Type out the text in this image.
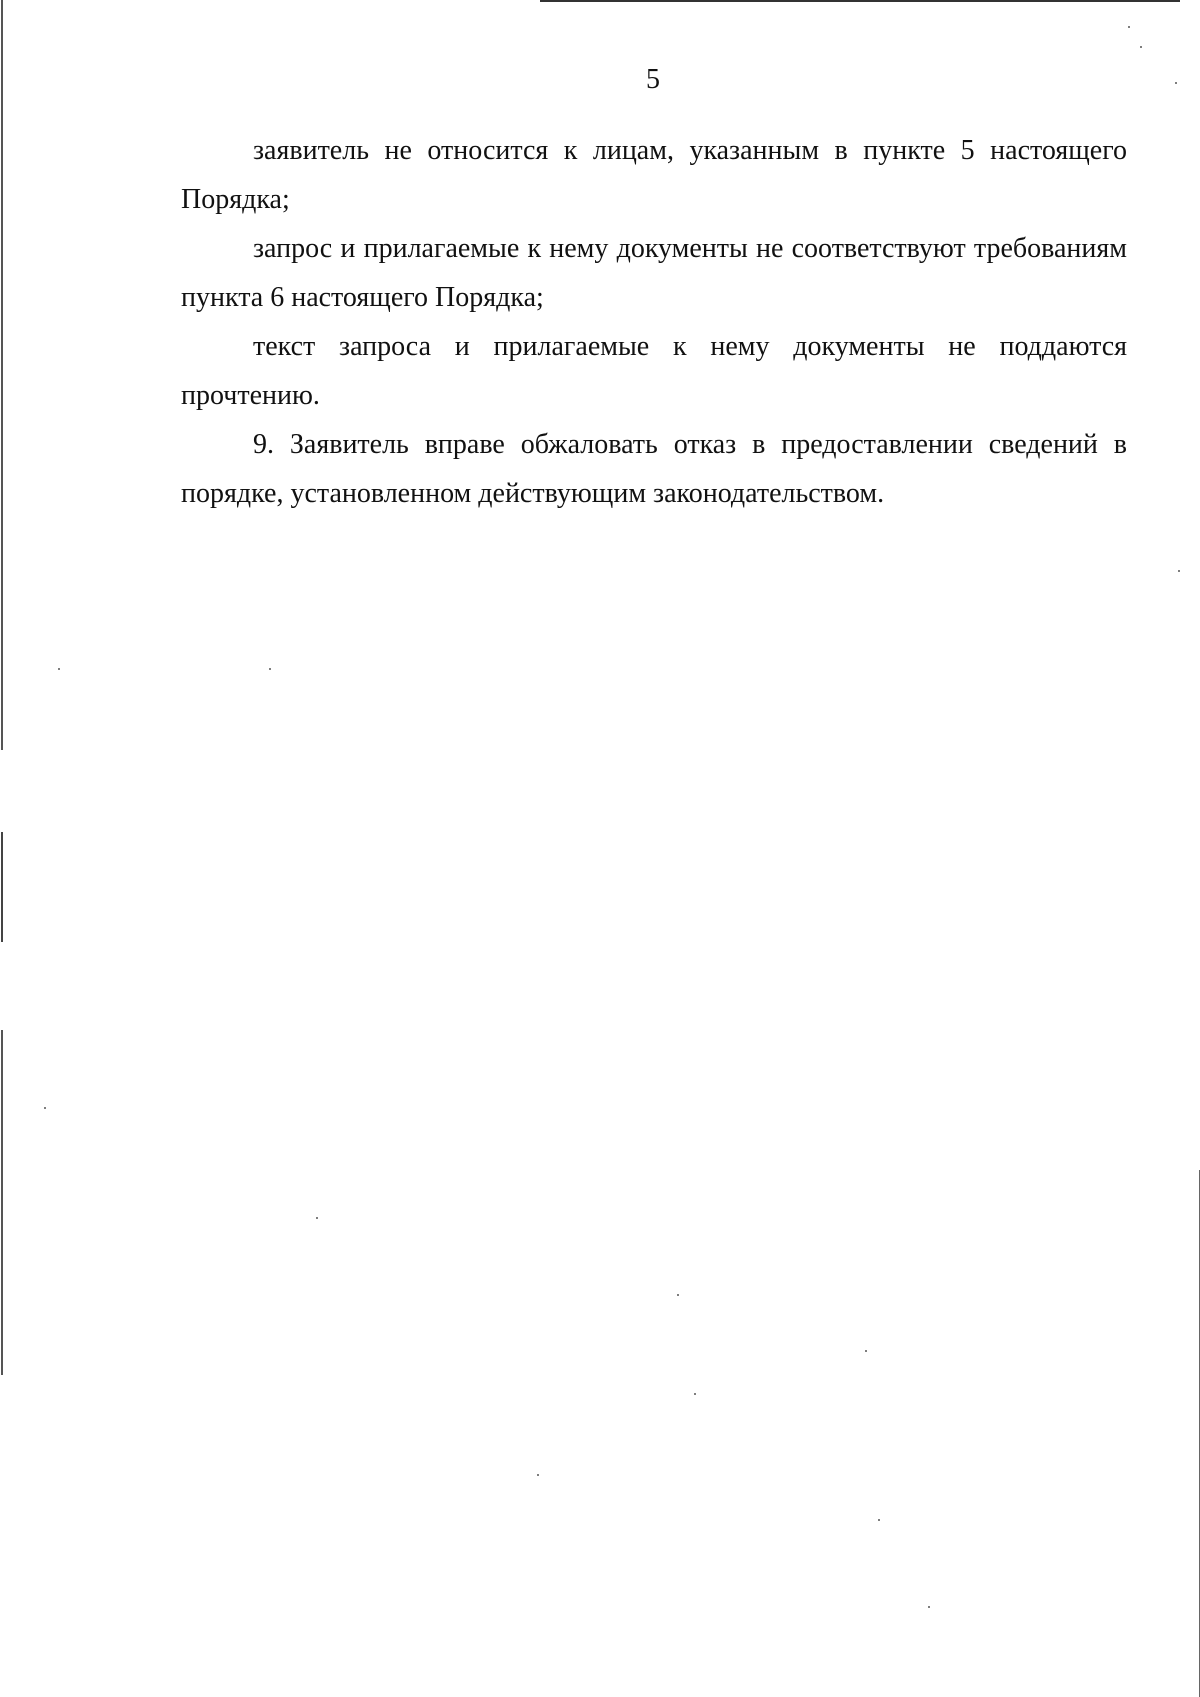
5

заявитель не относится к лицам, указанным в пункте 5 настоящего Порядка;

запрос и прилагаемые к нему документы не соответствуют требованиям пункта 6 настоящего Порядка;

текст запроса и прилагаемые к нему документы не поддаются прочтению.

9. Заявитель вправе обжаловать отказ в предоставлении сведений в порядке, установленном действующим законодательством.
